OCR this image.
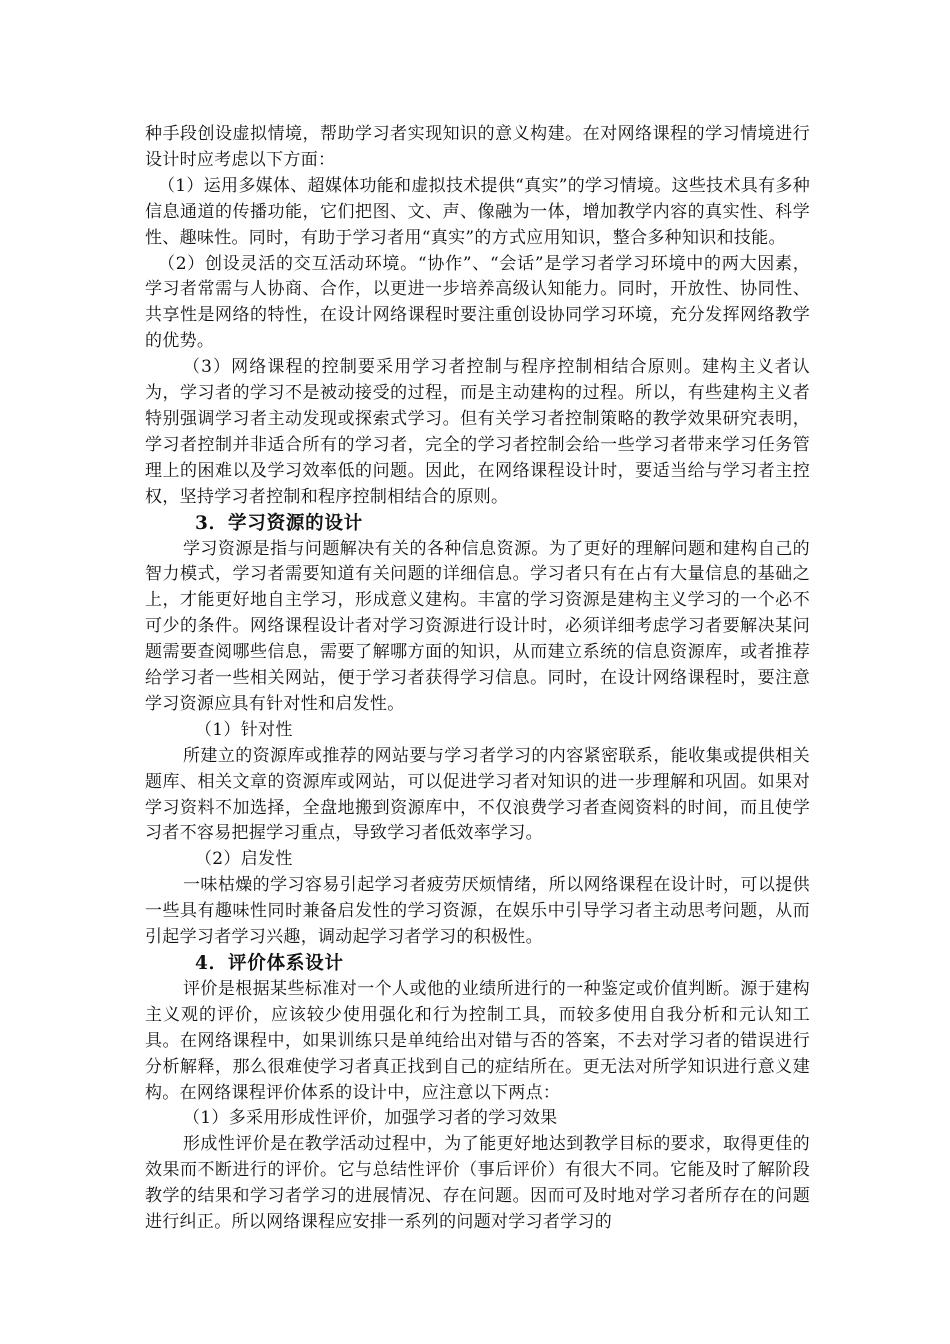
种手段创设虚拟情境，帮助学习者实现知识的意义构建。在对网络课程的学习情境进行设计时应考虑以下方面：

（1）运用多媒体、超媒体功能和虚拟技术提供“真实”的学习情境。这些技术具有多种信息通道的传播功能，它们把图、文、声、像融为一体，增加教学内容的真实性、科学性、趣味性。同时，有助于学习者用“真实”的方式应用知识，整合多种知识和技能。

（2）创设灵活的交互活动环境。“协作”、“会话”是学习者学习环境中的两大因素，学习者常需与人协商、合作，以更进一步培养高级认知能力。同时，开放性、协同性、共享性是网络的特性，在设计网络课程时要注重创设协同学习环境，充分发挥网络教学的优势。

（3）网络课程的控制要采用学习者控制与程序控制相结合原则。建构主义者认为，学习者的学习不是被动接受的过程，而是主动建构的过程。所以，有些建构主义者特别强调学习者主动发现或探索式学习。但有关学习者控制策略的教学效果研究表明，学习者控制并非适合所有的学习者，完全的学习者控制会给一些学习者带来学习任务管理上的困难以及学习效率低的问题。因此，在网络课程设计时，要适当给与学习者主控权，坚持学习者控制和程序控制相结合的原则。

3．学习资源的设计

学习资源是指与问题解决有关的各种信息资源。为了更好的理解问题和建构自己的智力模式，学习者需要知道有关问题的详细信息。学习者只有在占有大量信息的基础之上，才能更好地自主学习，形成意义建构。丰富的学习资源是建构主义学习的一个必不可少的条件。网络课程设计者对学习资源进行设计时，必须详细考虑学习者要解决某问题需要查阅哪些信息，需要了解哪方面的知识，从而建立系统的信息资源库，或者推荐给学习者一些相关网站，便于学习者获得学习信息。同时，在设计网络课程时，要注意学习资源应具有针对性和启发性。

（1）针对性

所建立的资源库或推荐的网站要与学习者学习的内容紧密联系，能收集或提供相关题库、相关文章的资源库或网站，可以促进学习者对知识的进一步理解和巩固。如果对学习资料不加选择，全盘地搬到资源库中，不仅浪费学习者查阅资料的时间，而且使学习者不容易把握学习重点，导致学习者低效率学习。

（2）启发性

一味枯燥的学习容易引起学习者疲劳厌烦情绪，所以网络课程在设计时，可以提供一些具有趣味性同时兼备启发性的学习资源，在娱乐中引导学习者主动思考问题，从而引起学习者学习兴趣，调动起学习者学习的积极性。

4．评价体系设计

评价是根据某些标准对一个人或他的业绩所进行的一种鉴定或价值判断。源于建构主义观的评价，应该较少使用强化和行为控制工具，而较多使用自我分析和元认知工具。在网络课程中，如果训练只是单纯给出对错与否的答案，不去对学习者的错误进行分析解释，那么很难使学习者真正找到自己的症结所在。更无法对所学知识进行意义建构。在网络课程评价体系的设计中，应注意以下两点：

（1）多采用形成性评价，加强学习者的学习效果

形成性评价是在教学活动过程中，为了能更好地达到教学目标的要求，取得更佳的效果而不断进行的评价。它与总结性评价（事后评价）有很大不同。它能及时了解阶段教学的结果和学习者学习的进展情况、存在问题。因而可及时地对学习者所存在的问题进行纠正。所以网络课程应安排一系列的问题对学习者学习的
